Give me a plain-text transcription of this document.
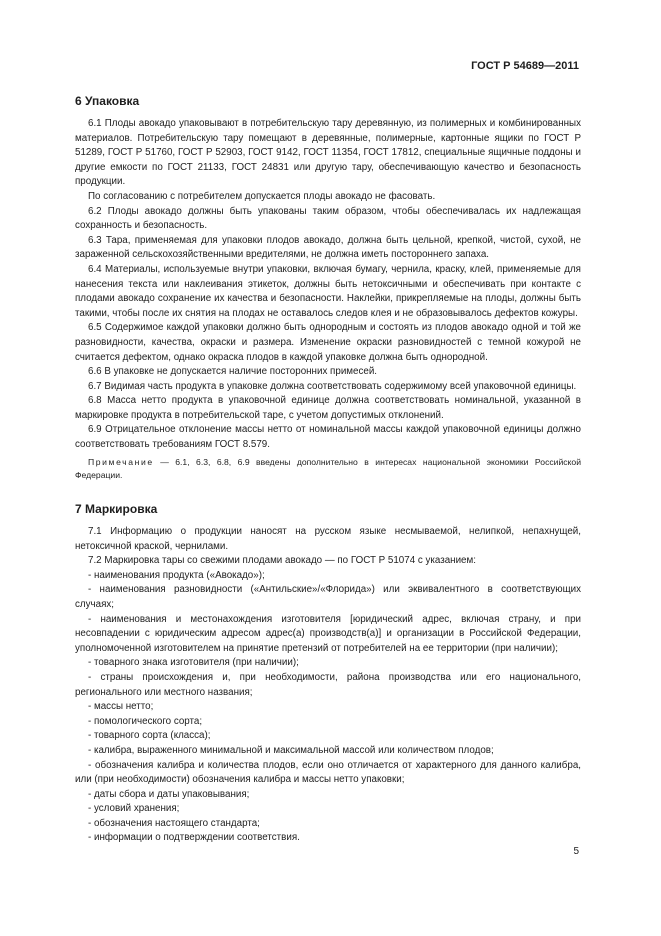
ГОСТ Р 54689—2011
6 Упаковка

6.1 Плоды авокадо упаковывают в потребительскую тару деревянную, из полимерных и комбинированных материалов. Потребительскую тару помещают в деревянные, полимерные, картонные ящики по ГОСТ Р 51289, ГОСТ Р 51760, ГОСТ Р 52903, ГОСТ 9142, ГОСТ 11354, ГОСТ 17812, специальные ящичные поддоны и другие емкости по ГОСТ 21133, ГОСТ 24831 или другую тару, обеспечивающую качество и безопасность продукции.

По согласованию с потребителем допускается плоды авокадо не фасовать.

6.2 Плоды авокадо должны быть упакованы таким образом, чтобы обеспечивалась их надлежащая сохранность и безопасность.

6.3 Тара, применяемая для упаковки плодов авокадо, должна быть цельной, крепкой, чистой, сухой, не зараженной сельскохозяйственными вредителями, не должна иметь постороннего запаха.

6.4 Материалы, используемые внутри упаковки, включая бумагу, чернила, краску, клей, применяемые для нанесения текста или наклеивания этикеток, должны быть нетоксичными и обеспечивать при контакте с плодами авокадо сохранение их качества и безопасности. Наклейки, прикрепляемые на плоды, должны быть такими, чтобы после их снятия на плодах не оставалось следов клея и не образовывалось дефектов кожуры.

6.5 Содержимое каждой упаковки должно быть однородным и состоять из плодов авокадо одной и той же разновидности, качества, окраски и размера. Изменение окраски разновидностей с темной кожурой не считается дефектом, однако окраска плодов в каждой упаковке должна быть однородной.

6.6 В упаковке не допускается наличие посторонних примесей.

6.7 Видимая часть продукта в упаковке должна соответствовать содержимому всей упаковочной единицы.

6.8 Масса нетто продукта в упаковочной единице должна соответствовать номинальной, указанной в маркировке продукта в потребительской таре, с учетом допустимых отклонений.

6.9 Отрицательное отклонение массы нетто от номинальной массы каждой упаковочной единицы должно соответствовать требованиям ГОСТ 8.579.

Примечание — 6.1, 6.3, 6.8, 6.9 введены дополнительно в интересах национальной экономики Российской Федерации.

7 Маркировка

7.1 Информацию о продукции наносят на русском языке несмываемой, нелипкой, непахнущей, нетоксичной краской, чернилами.

7.2 Маркировка тары со свежими плодами авокадо — по ГОСТ Р 51074 с указанием:

- наименования продукта («Авокадо»);

- наименования разновидности («Антильские»/«Флорида») или эквивалентного в соответствующих случаях;

- наименования и местонахождения изготовителя [юридический адрес, включая страну, и при несовпадении с юридическим адресом адрес(а) производств(а)] и организации в Российской Федерации, уполномоченной изготовителем на принятие претензий от потребителей на ее территории (при наличии);

- товарного знака изготовителя (при наличии);

- страны происхождения и, при необходимости, района производства или его национального, регионального или местного названия;

- массы нетто;

- помологического сорта;

- товарного сорта (класса);

- калибра, выраженного минимальной и максимальной массой или количеством плодов;

- обозначения калибра и количества плодов, если оно отличается от характерного для данного калибра, или (при необходимости) обозначения калибра и массы нетто упаковки;

- даты сбора и даты упаковывания;

- условий хранения;

- обозначения настоящего стандарта;

- информации о подтверждении соответствия.

5
